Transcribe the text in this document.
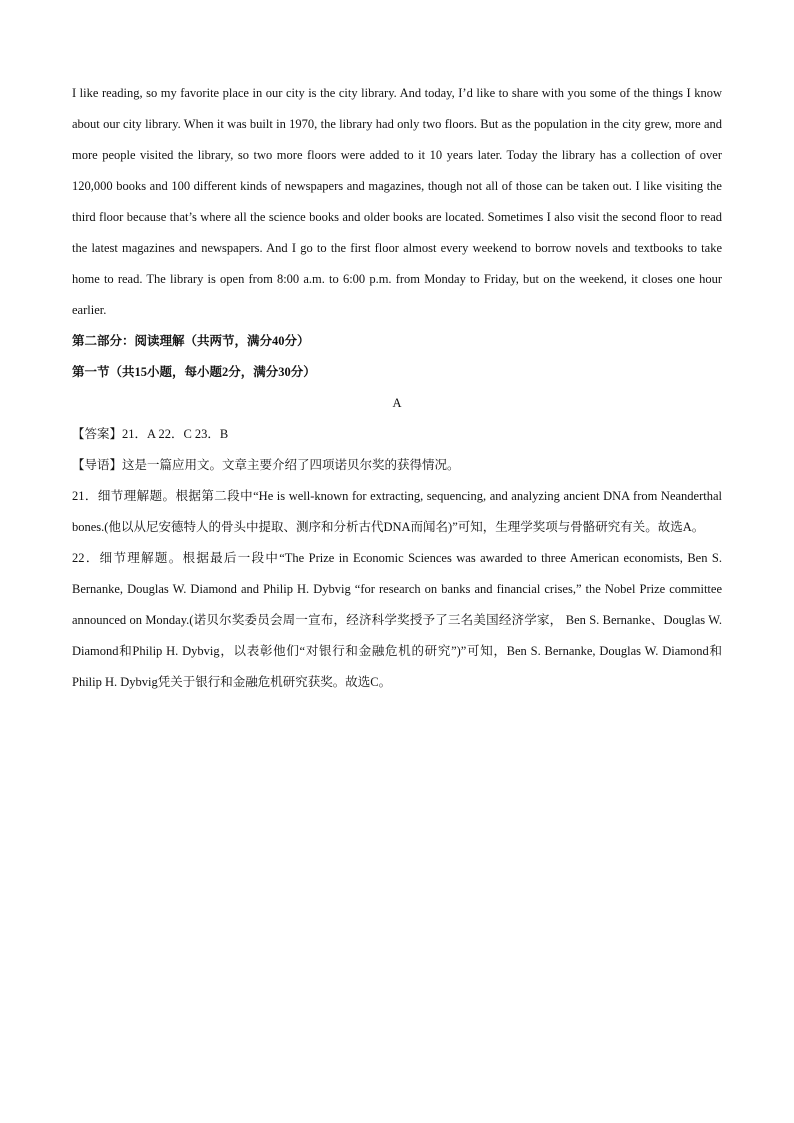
I like reading, so my favorite place in our city is the city library. And today, I’d like to share with you some of the things I know about our city library. When it was built in 1970, the library had only two floors. But as the population in the city grew, more and more people visited the library, so two more floors were added to it 10 years later. Today the library has a collection of over 120,000 books and 100 different kinds of newspapers and magazines, though not all of those can be taken out. I like visiting the third floor because that’s where all the science books and older books are located. Sometimes I also visit the second floor to read the latest magazines and newspapers. And I go to the first floor almost every weekend to borrow novels and textbooks to take home to read. The library is open from 8:00 a.m. to 6:00 p.m. from Monday to Friday, but on the weekend, it closes one hour earlier.

第二部分：阅读理解（共两节，满分40分）

第一节（共15小题，每小题2分，满分30分）

A

【答案】21．A 22．C 23．B

【导语】这是一篇应用文。文章主要介绍了四项诺贝尔奖的获得情况。

21．细节理解题。根据第二段中“He is well-known for extracting, sequencing, and analyzing ancient DNA from Neanderthal bones.(他以从尼安德特人的骨头中提取、测序和分析古代DNA而闻名)”可知，生理学奖项与骨骼研究有关。故选A。

22．细节理解题。根据最后一段中“The Prize in Economic Sciences was awarded to three American economists, Ben S. Bernanke, Douglas W. Diamond and Philip H. Dybvig “for research on banks and financial crises,” the Nobel Prize committee announced on Monday.(诺贝尔奖委员会周一宣布，经济科学奖授予了三名美国经济学家， Ben S. Bernanke、Douglas W. Diamond和Philip H. Dybvig，以表彰他们“对银行和金融危机的研究”)”可知，Ben S. Bernanke, Douglas W. Diamond和Philip H. Dybvig凭关于银行和金融危机研究获奖。故选C。
